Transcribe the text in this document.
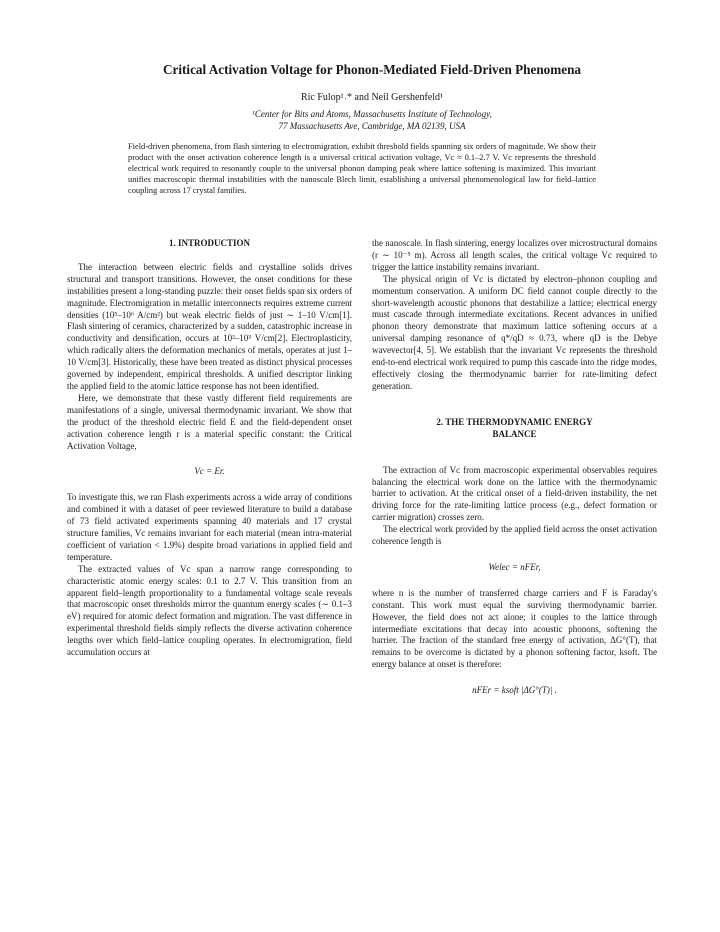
Critical Activation Voltage for Phonon-Mediated Field-Driven Phenomena
Ric Fulop¹˒* and Neil Gershenfeld¹
¹Center for Bits and Atoms, Massachusetts Institute of Technology,
77 Massachusetts Ave, Cambridge, MA 02139, USA
Field-driven phenomena, from flash sintering to electromigration, exhibit threshold fields spanning six orders of magnitude. We show their product with the onset activation coherence length is a universal critical activation voltage, Vc ≈ 0.1–2.7 V. Vc represents the threshold electrical work required to resonantly couple to the universal phonon damping peak where lattice softening is maximized. This invariant unifies macroscopic thermal instabilities with the nanoscale Blech limit, establishing a universal phenomenological law for field–lattice coupling across 17 crystal families.
1. INTRODUCTION

The interaction between electric fields and crystalline solids drives structural and transport transitions. However, the onset conditions for these instabilities present a long-standing puzzle: their onset fields span six orders of magnitude. Electromigration in metallic interconnects requires extreme current densities (10⁵–10⁶ A/cm²) but weak electric fields of just ∼ 1–10 V/cm[1]. Flash sintering of ceramics, characterized by a sudden, catastrophic increase in conductivity and densification, occurs at 10²–10³ V/cm[2]. Electroplasticity, which radically alters the deformation mechanics of metals, operates at just 1–10 V/cm[3]. Historically, these have been treated as distinct physical processes governed by independent, empirical thresholds. A unified descriptor linking the applied field to the atomic lattice response has not been identified.

Here, we demonstrate that these vastly different field requirements are manifestations of a single, universal thermodynamic invariant. We show that the product of the threshold electric field E and the field-dependent onset activation coherence length r is a material specific constant: the Critical Activation Voltage,

Vc = Er.

To investigate this, we ran Flash experiments across a wide array of conditions and combined it with a dataset of peer reviewed literature to build a database of 73 field activated experiments spanning 40 materials and 17 crystal structure families, Vc remains invariant for each material (mean intra-material coefficient of variation < 1.9%) despite broad variations in applied field and temperature.

The extracted values of Vc span a narrow range corresponding to characteristic atomic energy scales: 0.1 to 2.7 V. This transition from an apparent field–length proportionality to a fundamental voltage scale reveals that macroscopic onset thresholds mirror the quantum energy scales (∼ 0.1–3 eV) required for atomic defect formation and migration. The vast difference in experimental threshold fields simply reflects the diverse activation coherence lengths over which field–lattice coupling operates. In electromigration, field accumulation occurs at

the nanoscale. In flash sintering, energy localizes over microstructural domains (r ∼ 10⁻⁵ m). Across all length scales, the critical voltage Vc required to trigger the lattice instability remains invariant.

The physical origin of Vc is dictated by electron–phonon coupling and momentum conservation. A uniform DC field cannot couple directly to the short-wavelength acoustic phonons that destabilize a lattice; electrical energy must cascade through intermediate excitations. Recent advances in unified phonon theory demonstrate that maximum lattice softening occurs at a universal damping resonance of q*/qD ≈ 0.73, where qD is the Debye wavevector[4, 5]. We establish that the invariant Vc represents the threshold end-to-end electrical work required to pump this cascade into the ridge modes, effectively closing the thermodynamic barrier for rate-limiting defect generation.

2. THE THERMODYNAMIC ENERGY
BALANCE

The extraction of Vc from macroscopic experimental observables requires balancing the electrical work done on the lattice with the thermodynamic barrier to activation. At the critical onset of a field-driven instability, the net driving force for the rate-limiting lattice process (e.g., defect formation or carrier migration) crosses zero.

The electrical work provided by the applied field across the onset activation coherence length is

Welec = nFEr,

where n is the number of transferred charge carriers and F is Faraday's constant. This work must equal the surviving thermodynamic barrier. However, the field does not act alone; it couples to the lattice through intermediate excitations that decay into acoustic phonons, softening the barrier. The fraction of the standard free energy of activation, ΔG°(T), that remains to be overcome is dictated by a phonon softening factor, ksoft. The energy balance at onset is therefore:

nFEr = ksoft |ΔG°(T)| .
